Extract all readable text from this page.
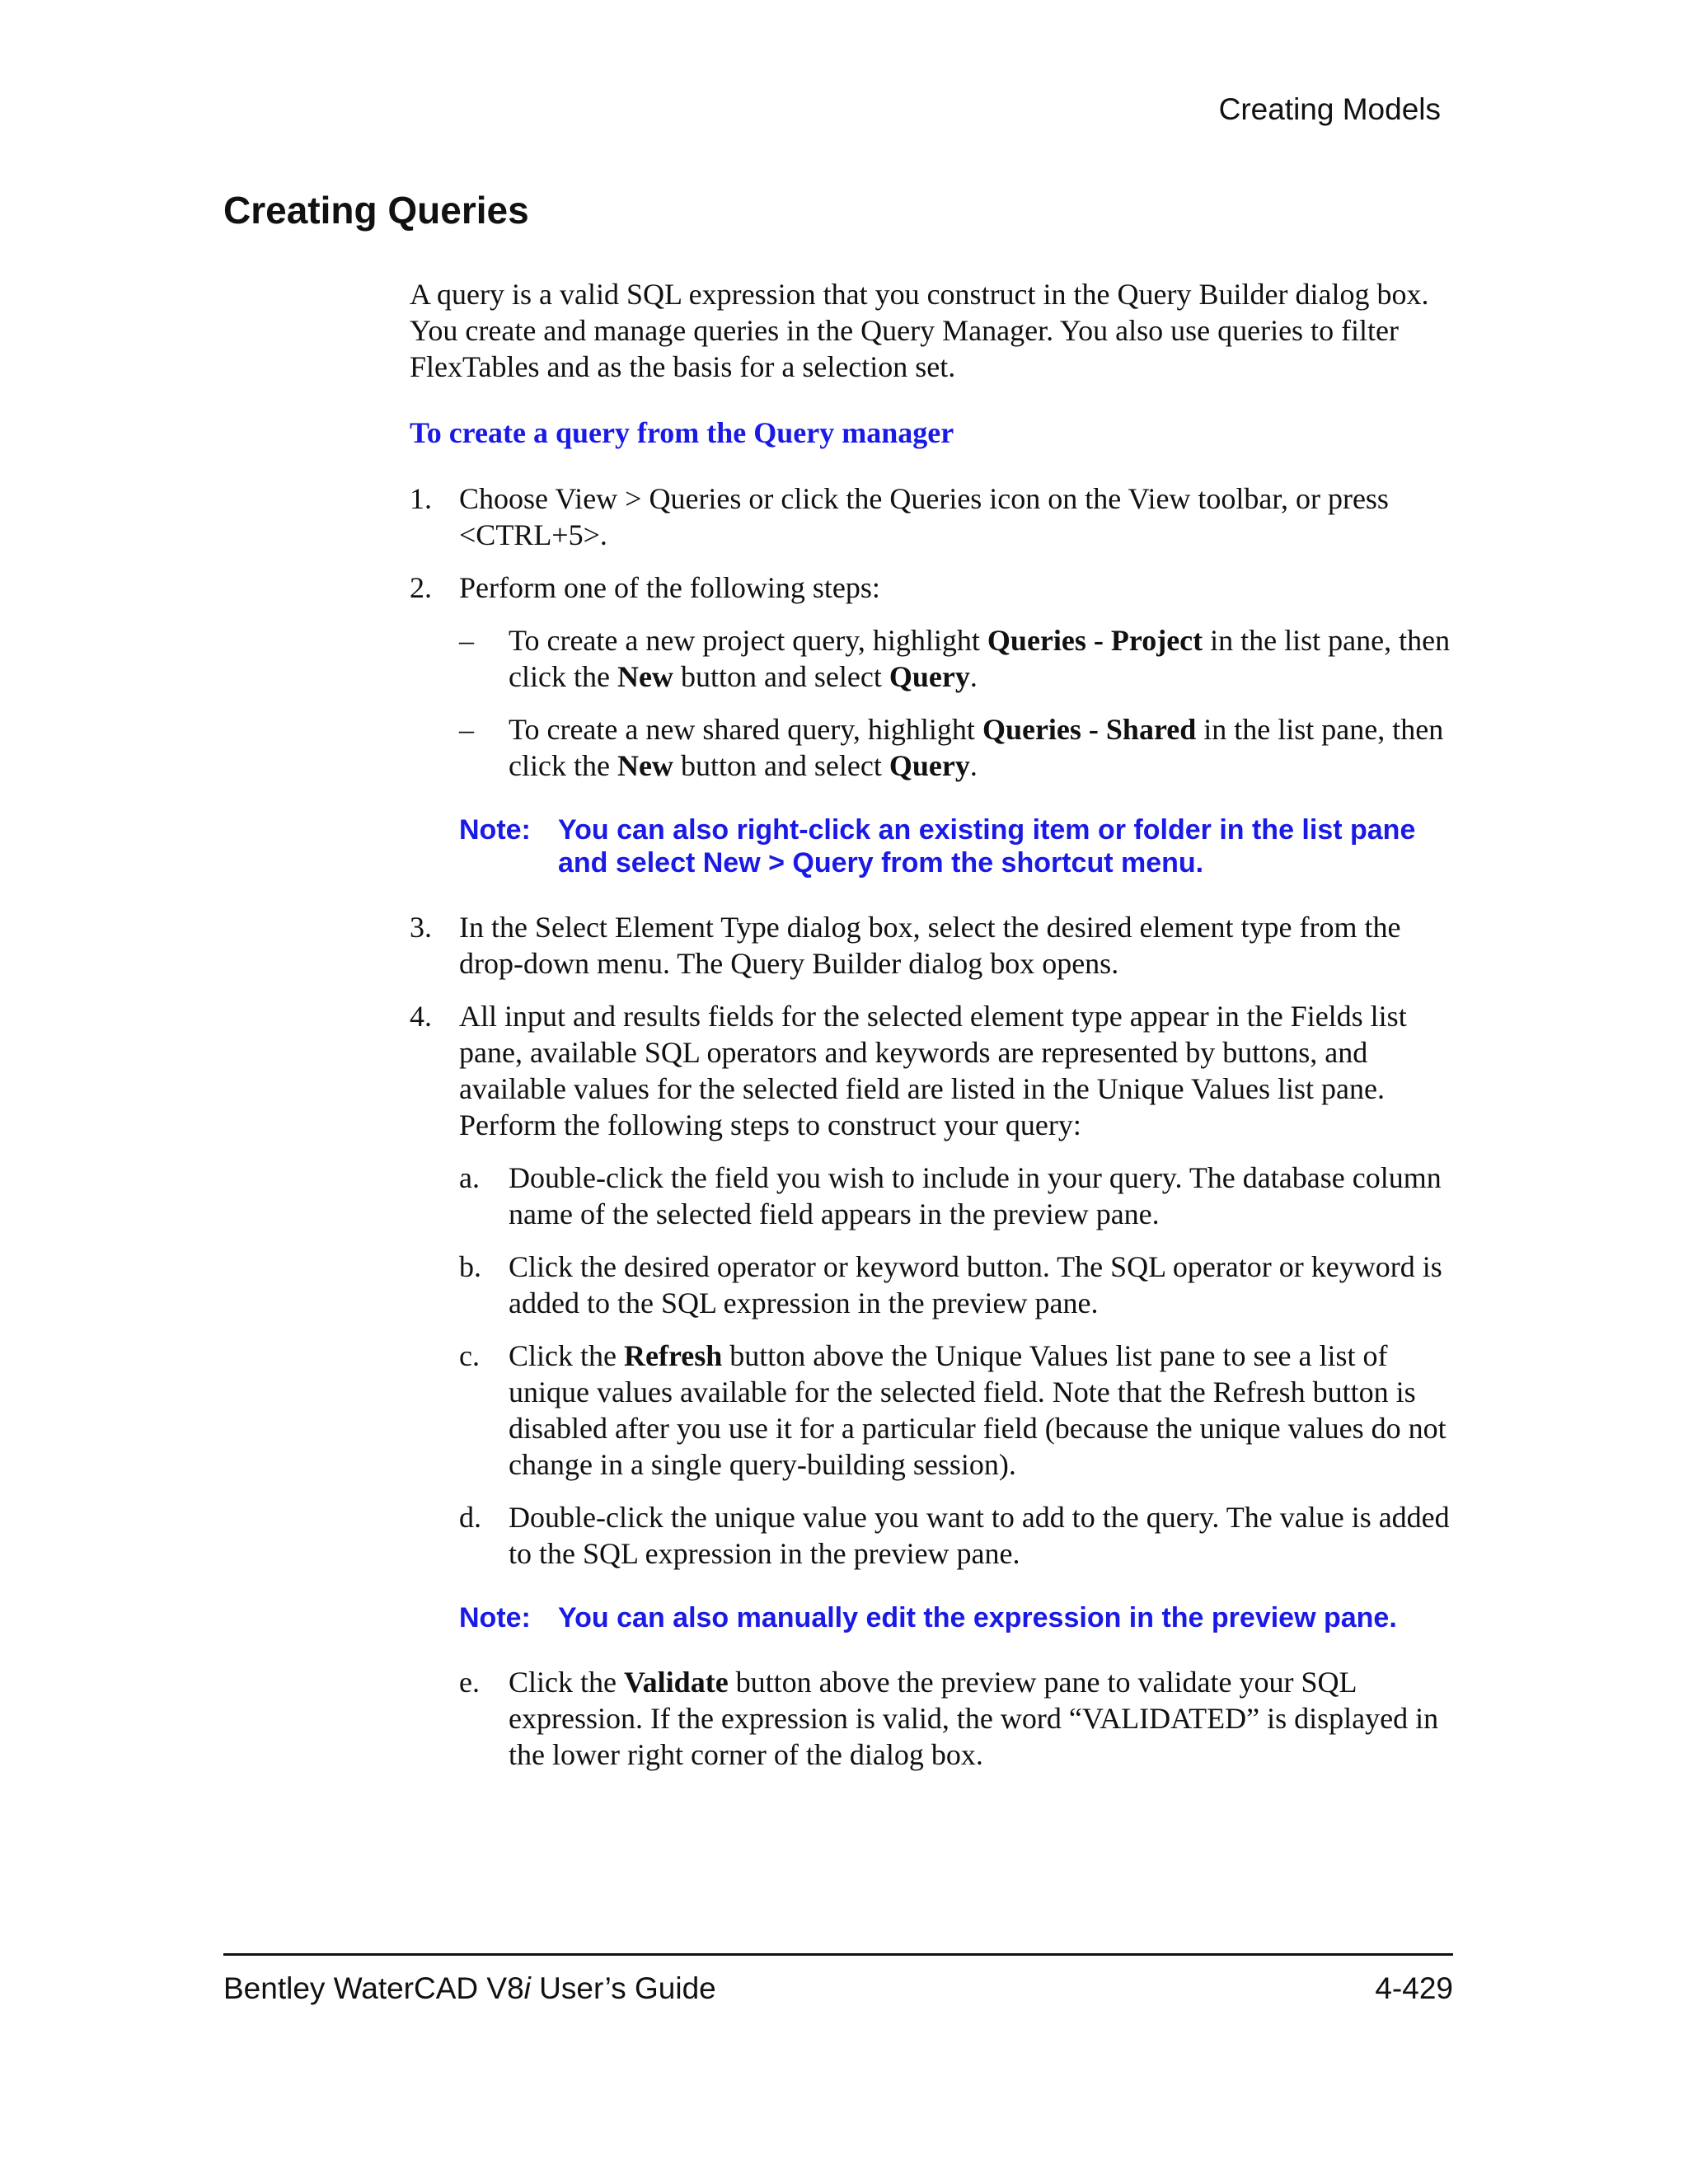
Creating Models
Creating Queries

A query is a valid SQL expression that you construct in the Query Builder dialog box. You create and manage queries in the Query Manager. You also use queries to filter FlexTables and as the basis for a selection set.

To create a query from the Query manager

1. Choose View > Queries or click the Queries icon on the View toolbar, or press <CTRL+5>.
2. Perform one of the following steps:
– To create a new project query, highlight Queries - Project in the list pane, then click the New button and select Query.
– To create a new shared query, highlight Queries - Shared in the list pane, then click the New button and select Query.
Note: You can also right-click an existing item or folder in the list pane and select New > Query from the shortcut menu.
3. In the Select Element Type dialog box, select the desired element type from the drop-down menu. The Query Builder dialog box opens.
4. All input and results fields for the selected element type appear in the Fields list pane, available SQL operators and keywords are represented by buttons, and available values for the selected field are listed in the Unique Values list pane. Perform the following steps to construct your query:
a. Double-click the field you wish to include in your query. The database column name of the selected field appears in the preview pane.
b. Click the desired operator or keyword button. The SQL operator or keyword is added to the SQL expression in the preview pane.
c. Click the Refresh button above the Unique Values list pane to see a list of unique values available for the selected field. Note that the Refresh button is disabled after you use it for a particular field (because the unique values do not change in a single query-building session).
d. Double-click the unique value you want to add to the query. The value is added to the SQL expression in the preview pane.
Note: You can also manually edit the expression in the preview pane.
e. Click the Validate button above the preview pane to validate your SQL expression. If the expression is valid, the word “VALIDATED” is displayed in the lower right corner of the dialog box.
Bentley WaterCAD V8i User’s Guide	4-429
